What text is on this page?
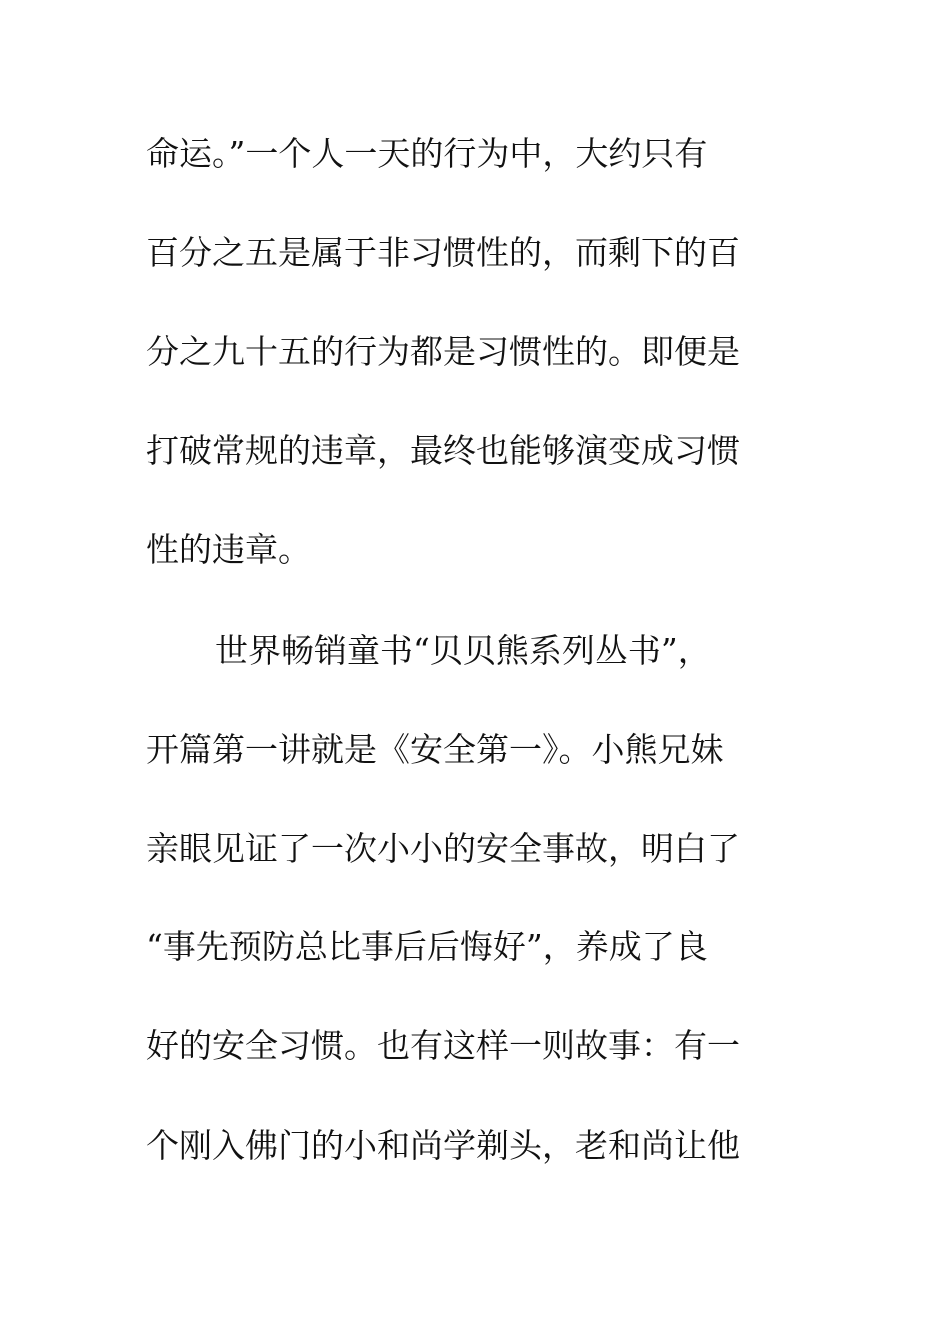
命运。”一个人一天的行为中，大约只有
百分之五是属于非习惯性的，而剩下的百
分之九十五的行为都是习惯性的。即便是
打破常规的违章，最终也能够演变成习惯
性的违章。
世界畅销童书“贝贝熊系列丛书”，
开篇第一讲就是《安全第一》。小熊兄妹
亲眼见证了一次小小的安全事故，明白了
“事先预防总比事后后悔好”，养成了良
好的安全习惯。也有这样一则故事：有一
个刚入佛门的小和尚学剃头，老和尚让他
